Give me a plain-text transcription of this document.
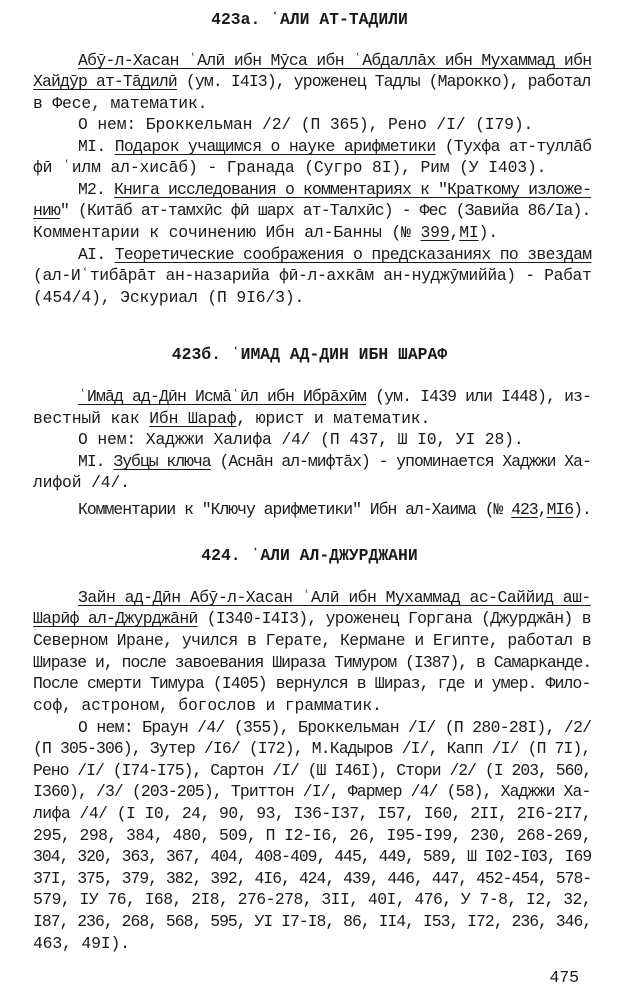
423а. ʿАЛИ АТ-ТАДИЛИ
Абӯ-л-Хасан ʿАлӣ ибн Мӯса ибн ʿАбдаллāх ибн Мухаммад ибн
Хайдӯр ат-Тāдилӣ (ум. I4I3), уроженец Тадлы (Марокко), работал
в Фесе, математик.
О нем: Броккельман /2/ (П 365), Рено /I/ (I79).
MI. Подарок учащимся о науке арифметики (Тухфа ат-туллāб
фӣ ʿилм ал-хисāб) - Гранада (Сугро 8I), Рим (У I403).
M2. Книга исследования о комментариях к "Краткому изложе-
нию" (Китāб ат-тамхӣс фӣ шарх ат-Талхӣс) - Фес (Завийа 86/Iа).
Комментарии к сочинению Ибн ал-Банны (№ 399,MI).
AI. Теоретические соображения о предсказаниях по звездам
(ал-Иʿтибāрāт ан-назарийа фӣ-л-ахкāм ан-нуджӯмиййа) - Рабат
(454/4), Эскуриал (П 9I6/3).
423б. ʿИМАД АД-ДИН ИБН ШАРАФ
ʿИмāд ад-Дӣн Исмāʿӣл ибн Ибрāхӣм (ум. I439 или I448), из-
вестный как Ибн Шараф, юрист и математик.
О нем: Хаджжи Халифа /4/ (П 437, Ш I0, УI 28).
MI. Зубцы ключа (Аснāн ал-мифтāх) - упоминается Хаджжи Ха-
лифой /4/.
Комментарии к "Ключу арифметики" Ибн ал-Хаима (№ 423,MI6).
424. ʿАЛИ АЛ-ДЖУРДЖАНИ
Зайн ад-Дӣн Абӯ-л-Хасан ʿАлӣ ибн Мухаммад ас-Саййид аш-
Шарӣф ал-Джурджāнӣ (I340-I4I3), уроженец Горгана (Джурджāн) в
Северном Иране, учился в Герате, Кермане и Египте, работал в
Ширазе и, после завоевания Шираза Тимуром (I387), в Самарканде.
После смерти Тимура (I405) вернулся в Шираз, где и умер. Фило-
соф, астроном, богослов и грамматик.
О нем: Браун /4/ (355), Броккельман /I/ (П 280-28I), /2/
(П 305-306), Зутер /I6/ (I72), М.Кадыров /I/, Капп /I/ (П 7I),
Рено /I/ (I74-I75), Сартон /I/ (Ш I46I), Стори /2/ (I 203, 560,
I360), /3/ (203-205), Триттон /I/, Фармер /4/ (58), Хаджжи Ха-
лифа /4/ (I I0, 24, 90, 93, I36-I37, I57, I60, 2II, 2I6-2I7,
295, 298, 384, 480, 509, П I2-I6, 26, I95-I99, 230, 268-269,
304, 320, 363, 367, 404, 408-409, 445, 449, 589, Ш I02-I03, I69
37I, 375, 379, 382, 392, 4I6, 424, 439, 446, 447, 452-454, 578-
579, IУ 76, I68, 2I8, 276-278, 3II, 40I, 476, У 7-8, I2, 32,
I87, 236, 268, 568, 595, УI I7-I8, 86, II4, I53, I72, 236, 346,
463, 49I).
475
